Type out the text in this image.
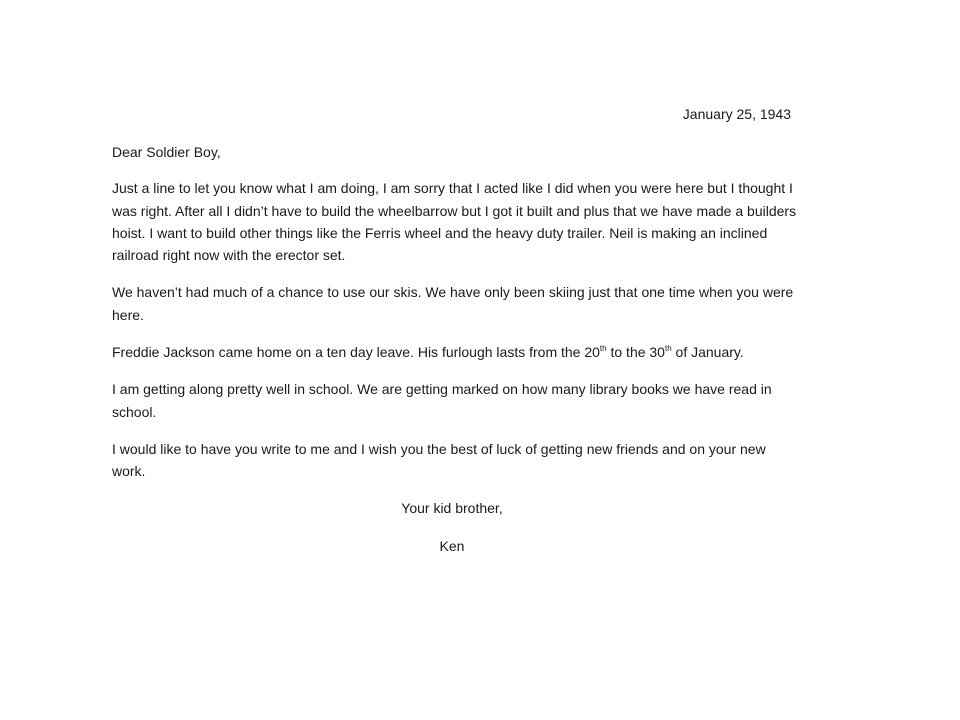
January 25, 1943

Dear Soldier Boy,

Just a line to let you know what I am doing, I am sorry that I acted like I did when you were here but I thought I was right. After all I didn’t have to build the wheelbarrow but I got it built and plus that we have made a builders hoist. I want to build other things like the Ferris wheel and the heavy duty trailer. Neil is making an inclined railroad right now with the erector set.

We haven’t had much of a chance to use our skis. We have only been skiing just that one time when you were here.

Freddie Jackson came home on a ten day leave. His furlough lasts from the 20th to the 30th of January.

I am getting along pretty well in school. We are getting marked on how many library books we have read in school.

I would like to have you write to me and I wish you the best of luck of getting new friends and on your new work.

Your kid brother,
Ken
